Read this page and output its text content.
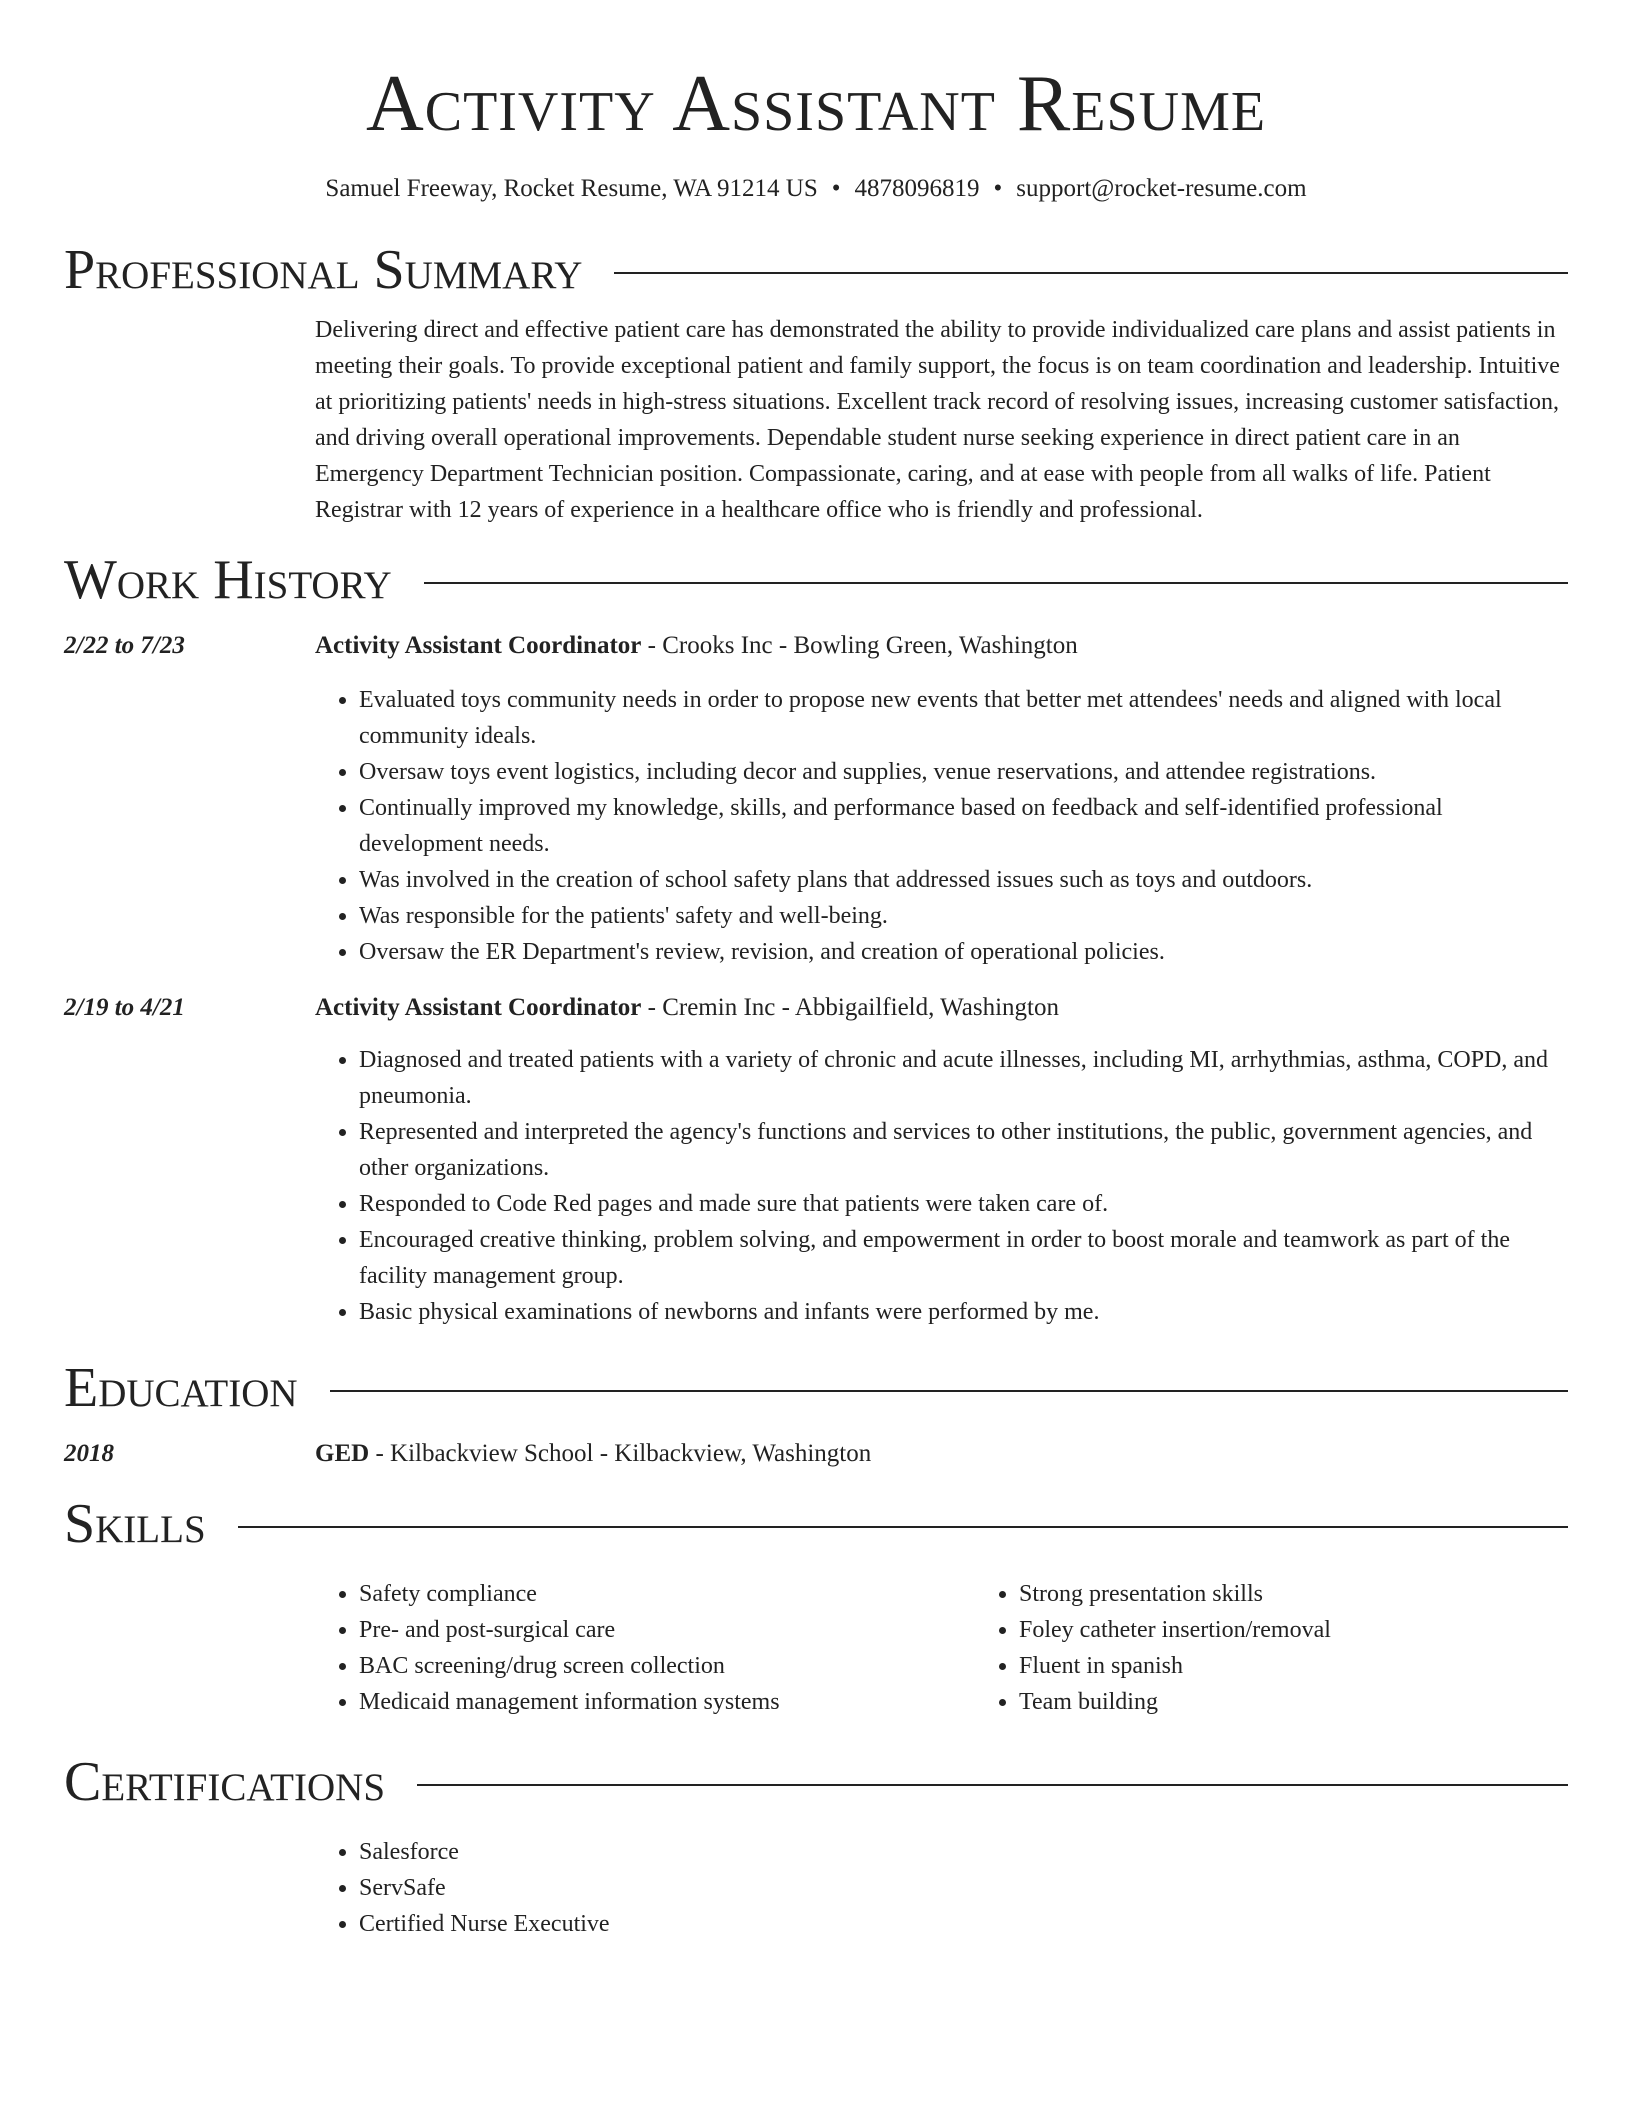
Activity Assistant Resume
Samuel Freeway, Rocket Resume, WA 91214 US • 4878096819 • support@rocket-resume.com
Professional Summary

Delivering direct and effective patient care has demonstrated the ability to provide individualized care plans and assist patients in meeting their goals. To provide exceptional patient and family support, the focus is on team coordination and leadership. Intuitive at prioritizing patients' needs in high-stress situations. Excellent track record of resolving issues, increasing customer satisfaction, and driving overall operational improvements. Dependable student nurse seeking experience in direct patient care in an Emergency Department Technician position. Compassionate, caring, and at ease with people from all walks of life. Patient Registrar with 12 years of experience in a healthcare office who is friendly and professional.

Work History
2/22 to 7/23	Activity Assistant Coordinator - Crooks Inc - Bowling Green, Washington
• Evaluated toys community needs in order to propose new events that better met attendees' needs and aligned with local community ideals.
• Oversaw toys event logistics, including decor and supplies, venue reservations, and attendee registrations.
• Continually improved my knowledge, skills, and performance based on feedback and self-identified professional development needs.
• Was involved in the creation of school safety plans that addressed issues such as toys and outdoors.
• Was responsible for the patients' safety and well-being.
• Oversaw the ER Department's review, revision, and creation of operational policies.
2/19 to 4/21	Activity Assistant Coordinator - Cremin Inc - Abbigailfield, Washington
• Diagnosed and treated patients with a variety of chronic and acute illnesses, including MI, arrhythmias, asthma, COPD, and pneumonia.
• Represented and interpreted the agency's functions and services to other institutions, the public, government agencies, and other organizations.
• Responded to Code Red pages and made sure that patients were taken care of.
• Encouraged creative thinking, problem solving, and empowerment in order to boost morale and teamwork as part of the facility management group.
• Basic physical examinations of newborns and infants were performed by me.
Education
2018	GED - Kilbackview School - Kilbackview, Washington
Skills
• Safety compliance
• Pre- and post-surgical care
• BAC screening/drug screen collection
• Medicaid management information systems
• Strong presentation skills
• Foley catheter insertion/removal
• Fluent in spanish
• Team building
Certifications
• Salesforce
• ServSafe
• Certified Nurse Executive
